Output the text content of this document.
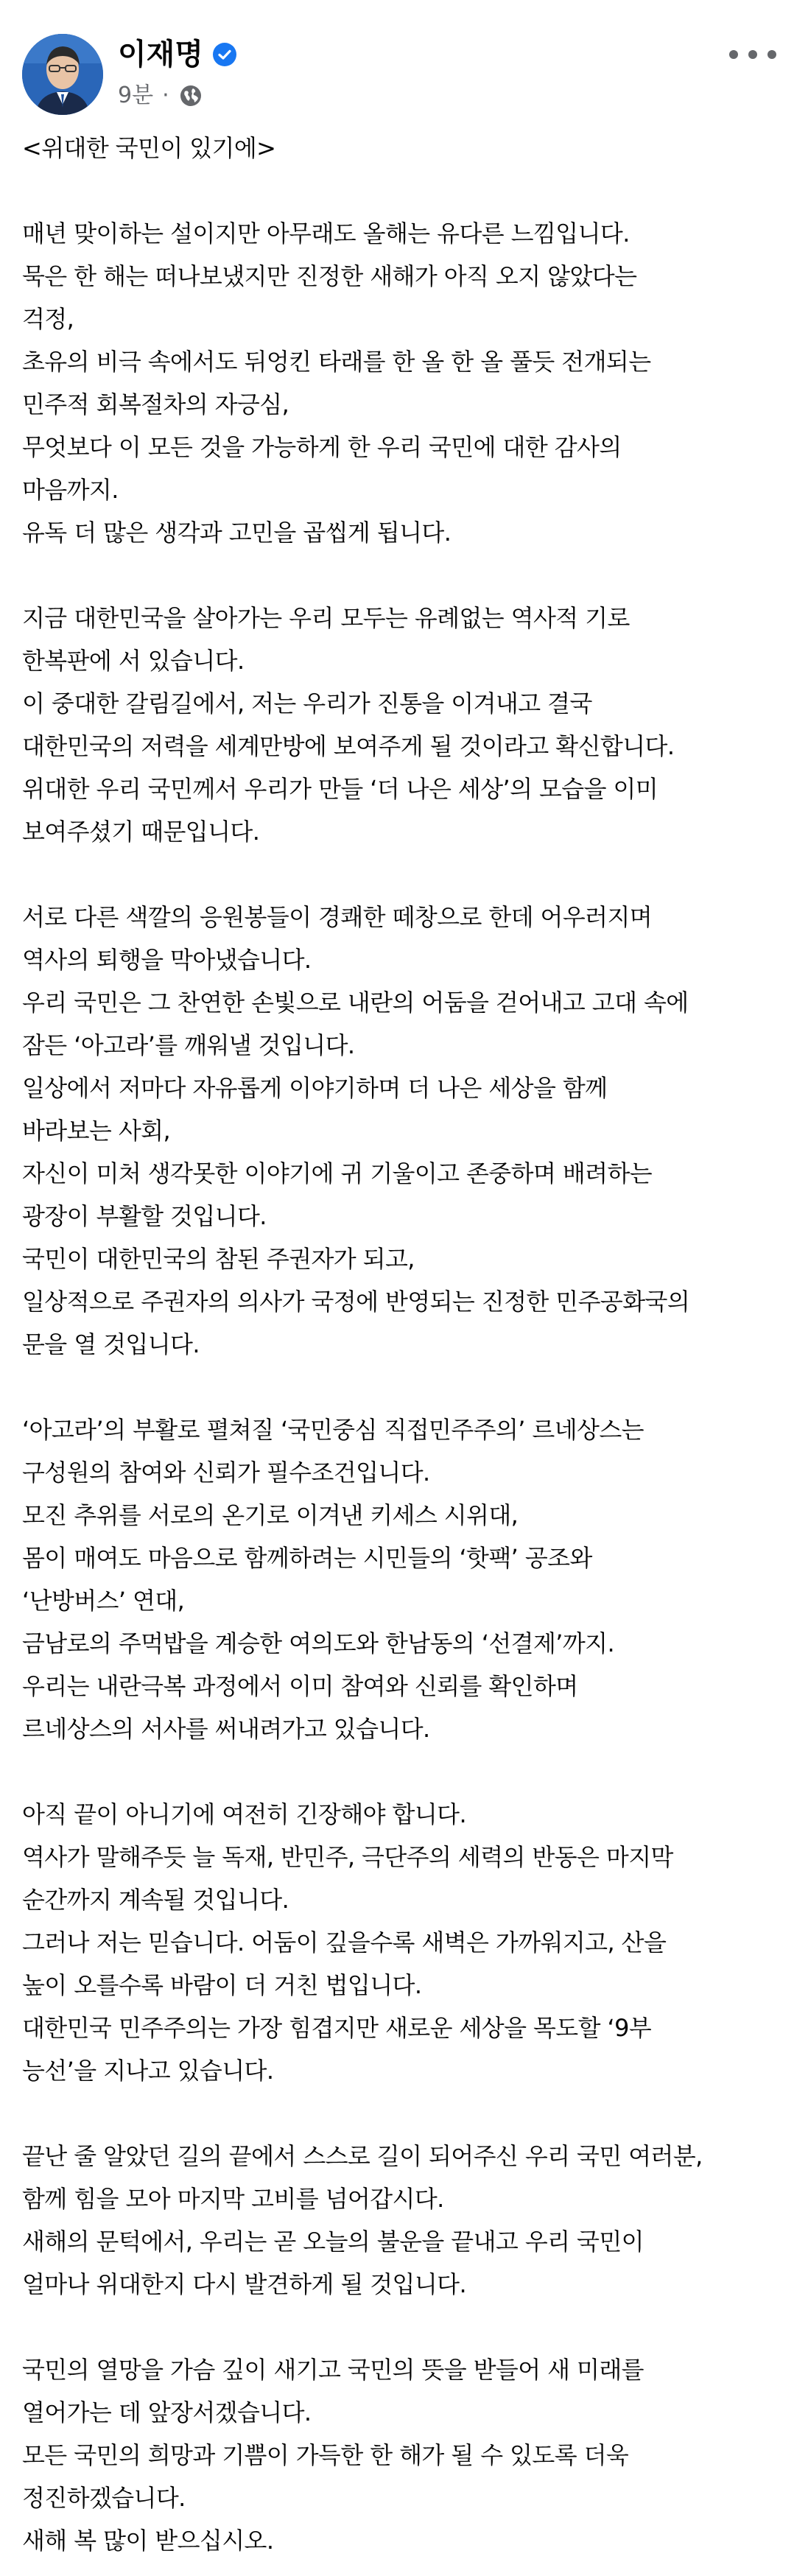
이재명
9분 ·
<위대한 국민이 있기에>
매년 맞이하는 설이지만 아무래도 올해는 유다른 느낌입니다.
묵은 한 해는 떠나보냈지만 진정한 새해가 아직 오지 않았다는
걱정,
초유의 비극 속에서도 뒤엉킨 타래를 한 올 한 올 풀듯 전개되는
민주적 회복절차의 자긍심,
무엇보다 이 모든 것을 가능하게 한 우리 국민에 대한 감사의
마음까지.
유독 더 많은 생각과 고민을 곱씹게 됩니다.
지금 대한민국을 살아가는 우리 모두는 유례없는 역사적 기로
한복판에 서 있습니다.
이 중대한 갈림길에서, 저는 우리가 진통을 이겨내고 결국
대한민국의 저력을 세계만방에 보여주게 될 것이라고 확신합니다.
위대한 우리 국민께서 우리가 만들 ‘더 나은 세상’의 모습을 이미
보여주셨기 때문입니다.
서로 다른 색깔의 응원봉들이 경쾌한 떼창으로 한데 어우러지며
역사의 퇴행을 막아냈습니다.
우리 국민은 그 찬연한 손빛으로 내란의 어둠을 걷어내고 고대 속에
잠든 ‘아고라’를 깨워낼 것입니다.
일상에서 저마다 자유롭게 이야기하며 더 나은 세상을 함께
바라보는 사회,
자신이 미처 생각못한 이야기에 귀 기울이고 존중하며 배려하는
광장이 부활할 것입니다.
국민이 대한민국의 참된 주권자가 되고,
일상적으로 주권자의 의사가 국정에 반영되는 진정한 민주공화국의
문을 열 것입니다.
‘아고라’의 부활로 펼쳐질 ‘국민중심 직접민주주의’ 르네상스는
구성원의 참여와 신뢰가 필수조건입니다.
모진 추위를 서로의 온기로 이겨낸 키세스 시위대,
몸이 매여도 마음으로 함께하려는 시민들의 ‘핫팩’ 공조와
‘난방버스’ 연대,
금남로의 주먹밥을 계승한 여의도와 한남동의 ‘선결제’까지.
우리는 내란극복 과정에서 이미 참여와 신뢰를 확인하며
르네상스의 서사를 써내려가고 있습니다.
아직 끝이 아니기에 여전히 긴장해야 합니다.
역사가 말해주듯 늘 독재, 반민주, 극단주의 세력의 반동은 마지막
순간까지 계속될 것입니다.
그러나 저는 믿습니다. 어둠이 깊을수록 새벽은 가까워지고, 산을
높이 오를수록 바람이 더 거친 법입니다.
대한민국 민주주의는 가장 힘겹지만 새로운 세상을 목도할 ‘9부
능선’을 지나고 있습니다.
끝난 줄 알았던 길의 끝에서 스스로 길이 되어주신 우리 국민 여러분,
함께 힘을 모아 마지막 고비를 넘어갑시다.
새해의 문턱에서, 우리는 곧 오늘의 불운을 끝내고 우리 국민이
얼마나 위대한지 다시 발견하게 될 것입니다.
국민의 열망을 가슴 깊이 새기고 국민의 뜻을 받들어 새 미래를
열어가는 데 앞장서겠습니다.
모든 국민의 희망과 기쁨이 가득한 한 해가 될 수 있도록 더욱
정진하겠습니다.
새해 복 많이 받으십시오.
